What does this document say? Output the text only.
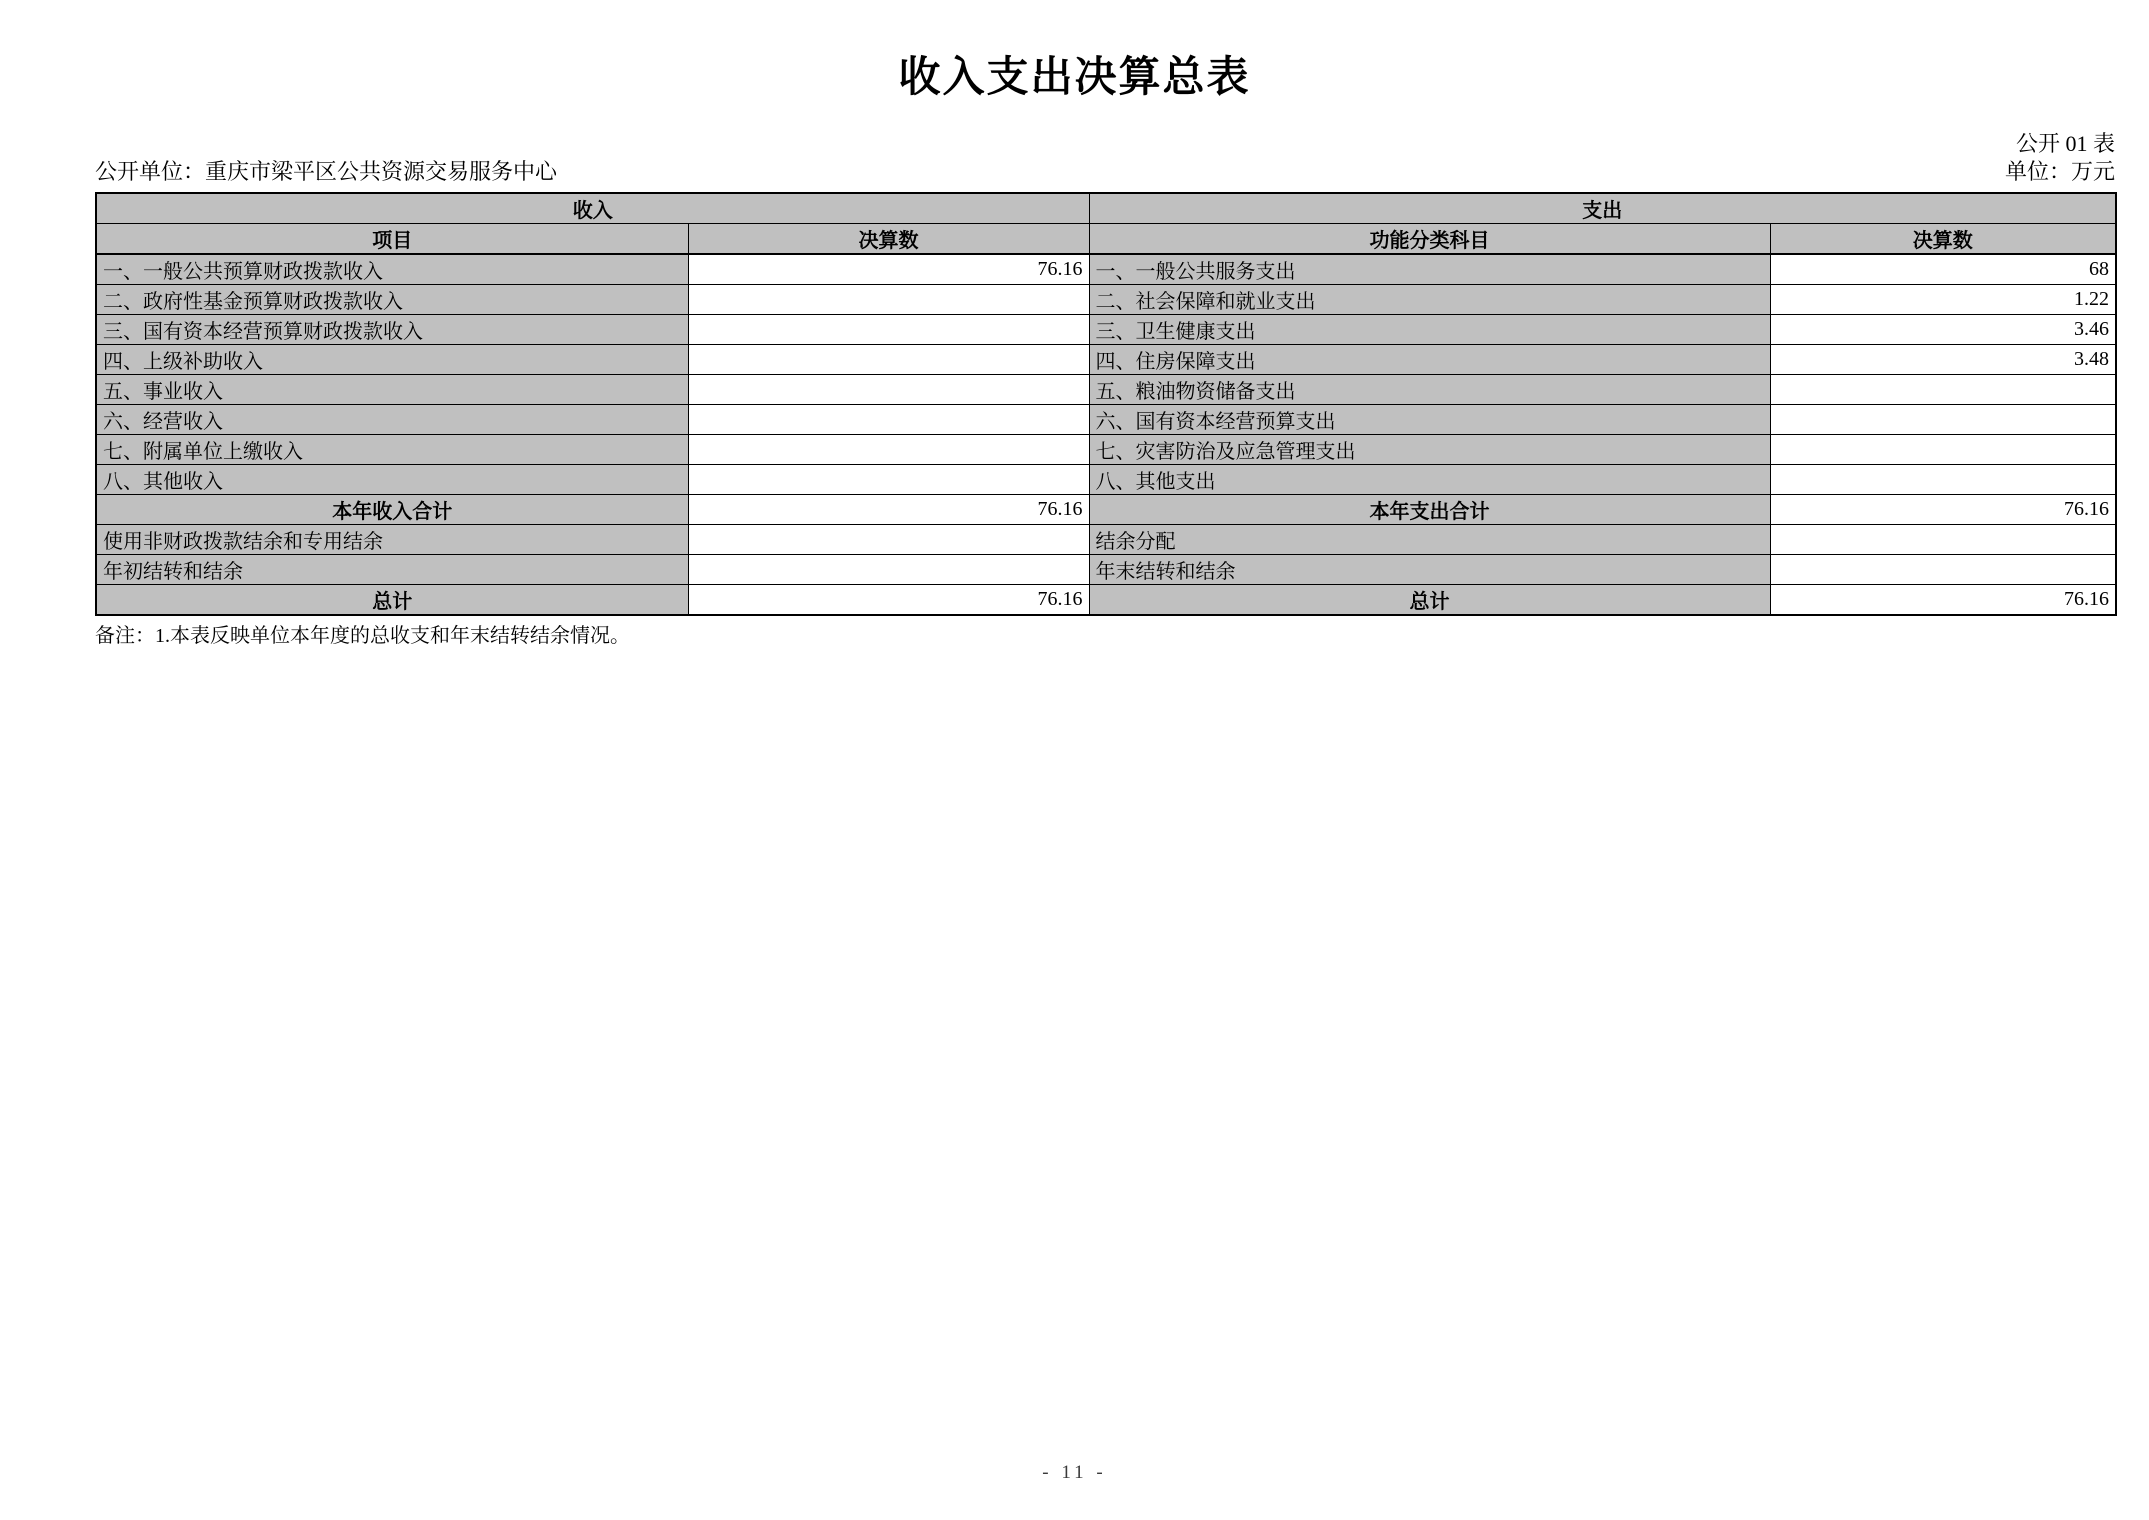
收入支出决算总表
公开 01 表
公开单位：重庆市梁平区公共资源交易服务中心	单位：万元
收入		支出	
项目	决算数	功能分类科目	决算数
一、一般公共预算财政拨款收入	76.16	一、一般公共服务支出	68
二、政府性基金预算财政拨款收入		二、社会保障和就业支出	1.22
三、国有资本经营预算财政拨款收入		三、卫生健康支出	3.46
四、上级补助收入		四、住房保障支出	3.48
五、事业收入		五、粮油物资储备支出	
六、经营收入		六、国有资本经营预算支出	
七、附属单位上缴收入		七、灾害防治及应急管理支出	
八、其他收入		八、其他支出	
本年收入合计	76.16	本年支出合计	76.16
使用非财政拨款结余和专用结余		结余分配	
年初结转和结余		年末结转和结余	
总计	76.16	总计	76.16
备注：1.本表反映单位本年度的总收支和年末结转结余情况。
- 11 -
